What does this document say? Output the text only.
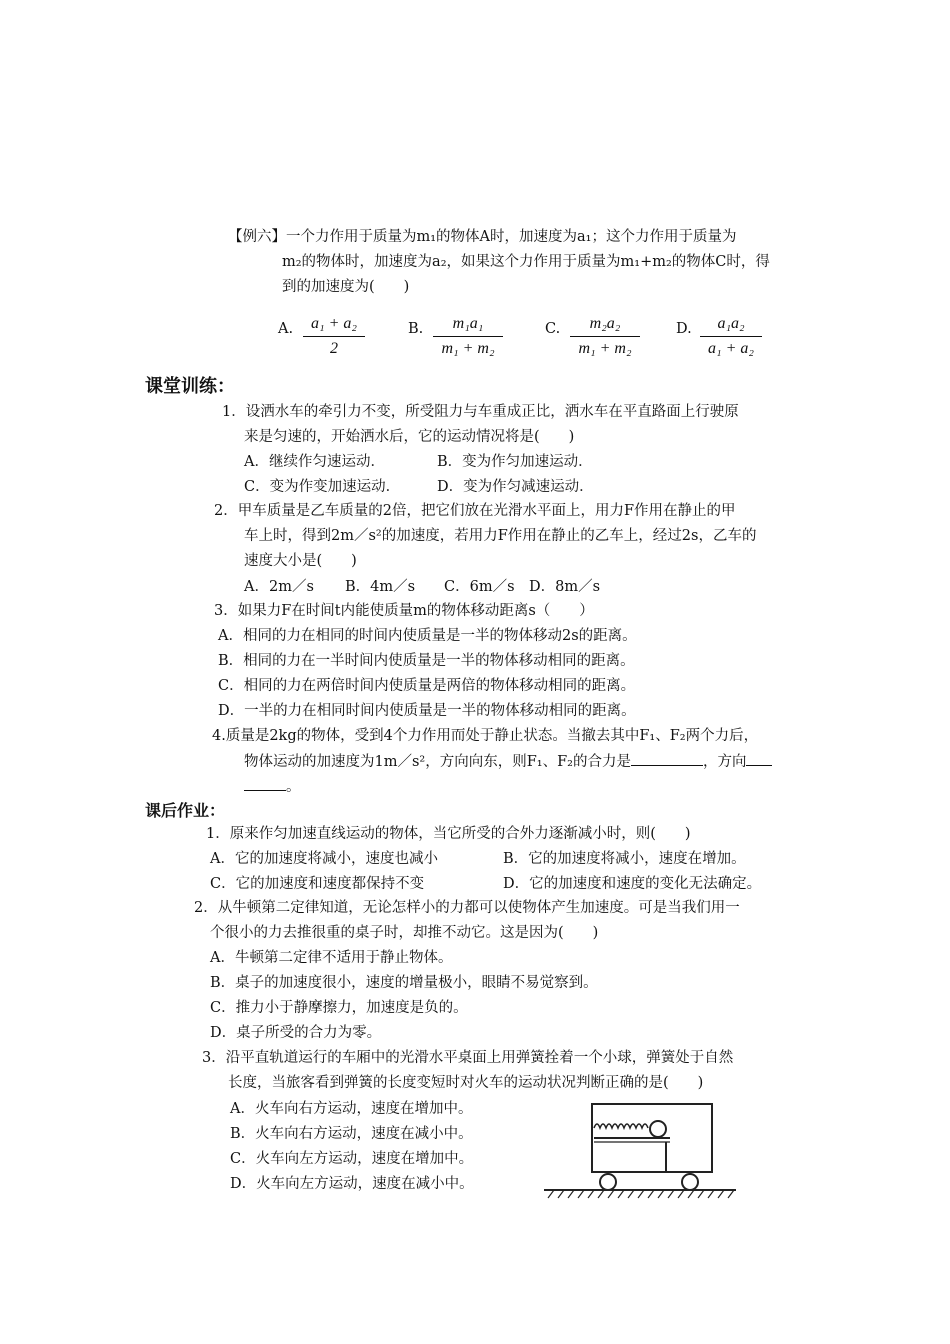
【例六】一个力作用于质量为m₁的物体A时，加速度为a₁；这个力作用于质量为
m₂的物体时，加速度为a₂，如果这个力作用于质量为m₁+m₂的物体C时，得
到的加速度为(　　)
A. $\frac{\text{a₁ + a₂}}{2}$	B. $\frac{\text{m₁a₁}}{\text{m₁ + m₂}}$	C. $\frac{\text{m₂a₂}}{\text{m₁ + m₂}} D$. $\frac{\text{a₁a₂}}{\text{a₁ + a₂}}$
课堂训练：
1．设洒水车的牵引力不变，所受阻力与车重成正比，洒水车在平直路面上行驶原
来是匀速的，开始洒水后，它的运动情况将是(　　)
A．继续作匀速运动．	B．变为作匀加速运动．
C．变为作变加速运动．	D．变为作匀减速运动．
2．甲车质量是乙车质量的2倍，把它们放在光滑水平面上，用力F作用在静止的甲
车上时，得到2m／s²的加速度，若用力F作用在静止的乙车上，经过2s，乙车的
速度大小是(　　)
A．2m／s B．4m／s C．6m／s D．8m／s
3．如果力F在时间t内能使质量m的物体移动距离s（　　）
A．相同的力在相同的时间内使质量是一半的物体移动2s的距离。
B．相同的力在一半时间内使质量是一半的物体移动相同的距离。
C．相同的力在两倍时间内使质量是两倍的物体移动相同的距离。
D．一半的力在相同时间内使质量是一半的物体移动相同的距离。
4.质量是2kg的物体，受到4个力作用而处于静止状态。当撤去其中F₁、F₂两个力后，
物体运动的加速度为1m／s²，方向向东，则F₁、F₂的合力是	，方向
。
课后作业：
1．原来作匀加速直线运动的物体，当它所受的合外力逐渐减小时，则(　　)
A．它的加速度将减小，速度也减小	B．它的加速度将减小，速度在增加。
C．它的加速度和速度都保持不变	D．它的加速度和速度的变化无法确定。
2．从牛顿第二定律知道，无论怎样小的力都可以使物体产生加速度。可是当我们用一
个很小的力去推很重的桌子时，却推不动它。这是因为(　　)
A．牛顿第二定律不适用于静止物体。
B．桌子的加速度很小，速度的增量极小，眼睛不易觉察到。
C．推力小于静摩擦力，加速度是负的。
D．桌子所受的合力为零。
3．沿平直轨道运行的车厢中的光滑水平桌面上用弹簧拴着一个小球，弹簧处于自然
长度，当旅客看到弹簧的长度变短时对火车的运动状况判断正确的是(　　)
A．火车向右方运动，速度在增加中。
B．火车向右方运动，速度在减小中。
C．火车向左方运动，速度在增加中。
D．火车向左方运动，速度在减小中。
